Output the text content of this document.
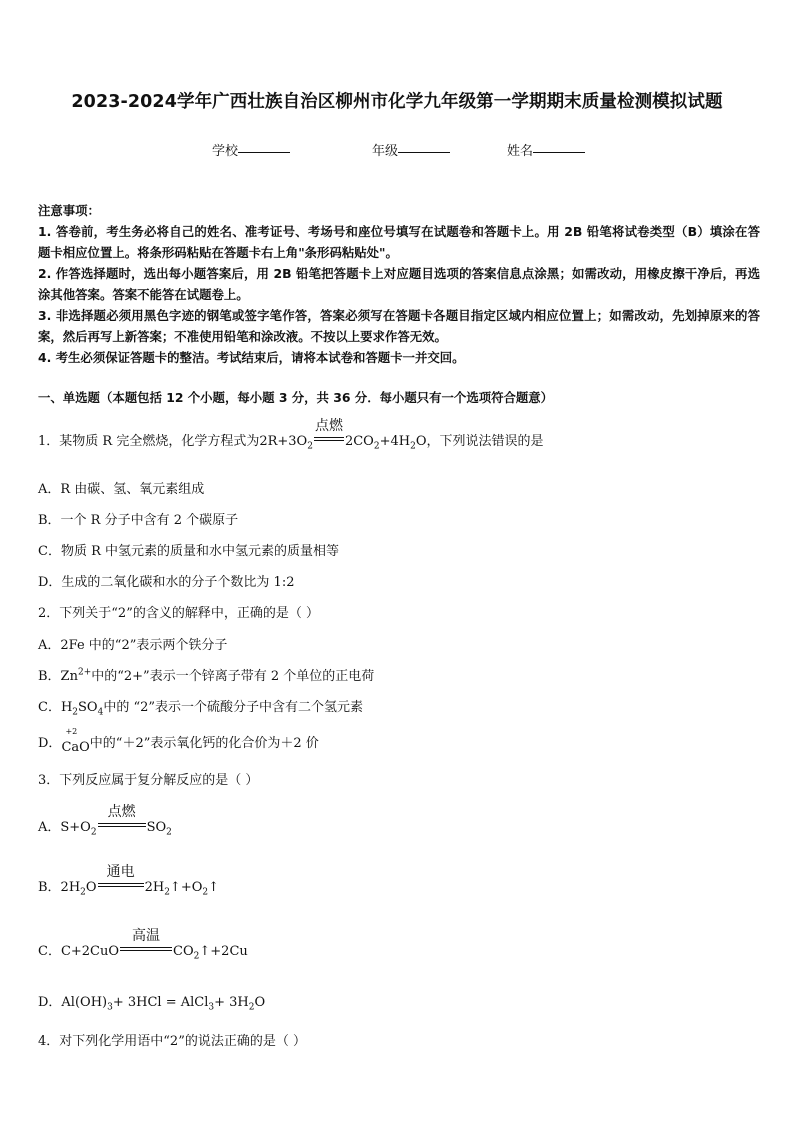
2023-2024学年广西壮族自治区柳州市化学九年级第一学期期末质量检测模拟试题
学校	年级	姓名

注意事项：

1. 答卷前，考生务必将自己的姓名、准考证号、考场号和座位号填写在试题卷和答题卡上。用 2B 铅笔将试卷类型（B）填涂在答题卡相应位置上。将条形码粘贴在答题卡右上角"条形码粘贴处"。

2. 作答选择题时，选出每小题答案后，用 2B 铅笔把答题卡上对应题目选项的答案信息点涂黑；如需改动，用橡皮擦干净后，再选涂其他答案。答案不能答在试题卷上。

3. 非选择题必须用黑色字迹的钢笔或签字笔作答，答案必须写在答题卡各题目指定区域内相应位置上；如需改动，先划掉原来的答案，然后再写上新答案；不准使用铅笔和涂改液。不按以上要求作答无效。

4. 考生必须保证答题卡的整洁。考试结束后，请将本试卷和答题卡一并交回。

一、单选题（本题包括 12 个小题，每小题 3 分，共 36 分．每小题只有一个选项符合题意）
1．某物质 R 完全燃烧，化学方程式为$2R+3O_2$
点燃
$2CO_2+4H_2O$，下列说法错误的是
A．R 由碳、氢、氧元素组成
B．一个 R 分子中含有 2 个碳原子
C．物质 R 中氢元素的质量和水中氢元素的质量相等
D．生成的二氧化碳和水的分子个数比为 1:2
2．下列关于“2”的含义的解释中，正确的是（ ）
A．2Fe 中的“2”表示两个铁分子
B．$Zn^{2+}$中的“2+”表示一个锌离子带有 2 个单位的正电荷
C．$H_2SO_4$中的 “2”表示一个硫酸分子中含有二个氢元素
D．
+2
CaO中的“＋2”表示氧化钙的化合价为＋2 价
3．下列反应属于复分解反应的是（ ）
A．$S+O_2$
点燃
$SO_2$
B．$2H_2O$
通电
$2H_2↑+O_2↑$
C．C+2CuO
高温
$CO_2↑+2Cu$
D．$Al(OH)_3+ 3HCl$ = AlCl$_3$+ $3H_2O$
4．对下列化学用语中“2”的说法正确的是（ ）
